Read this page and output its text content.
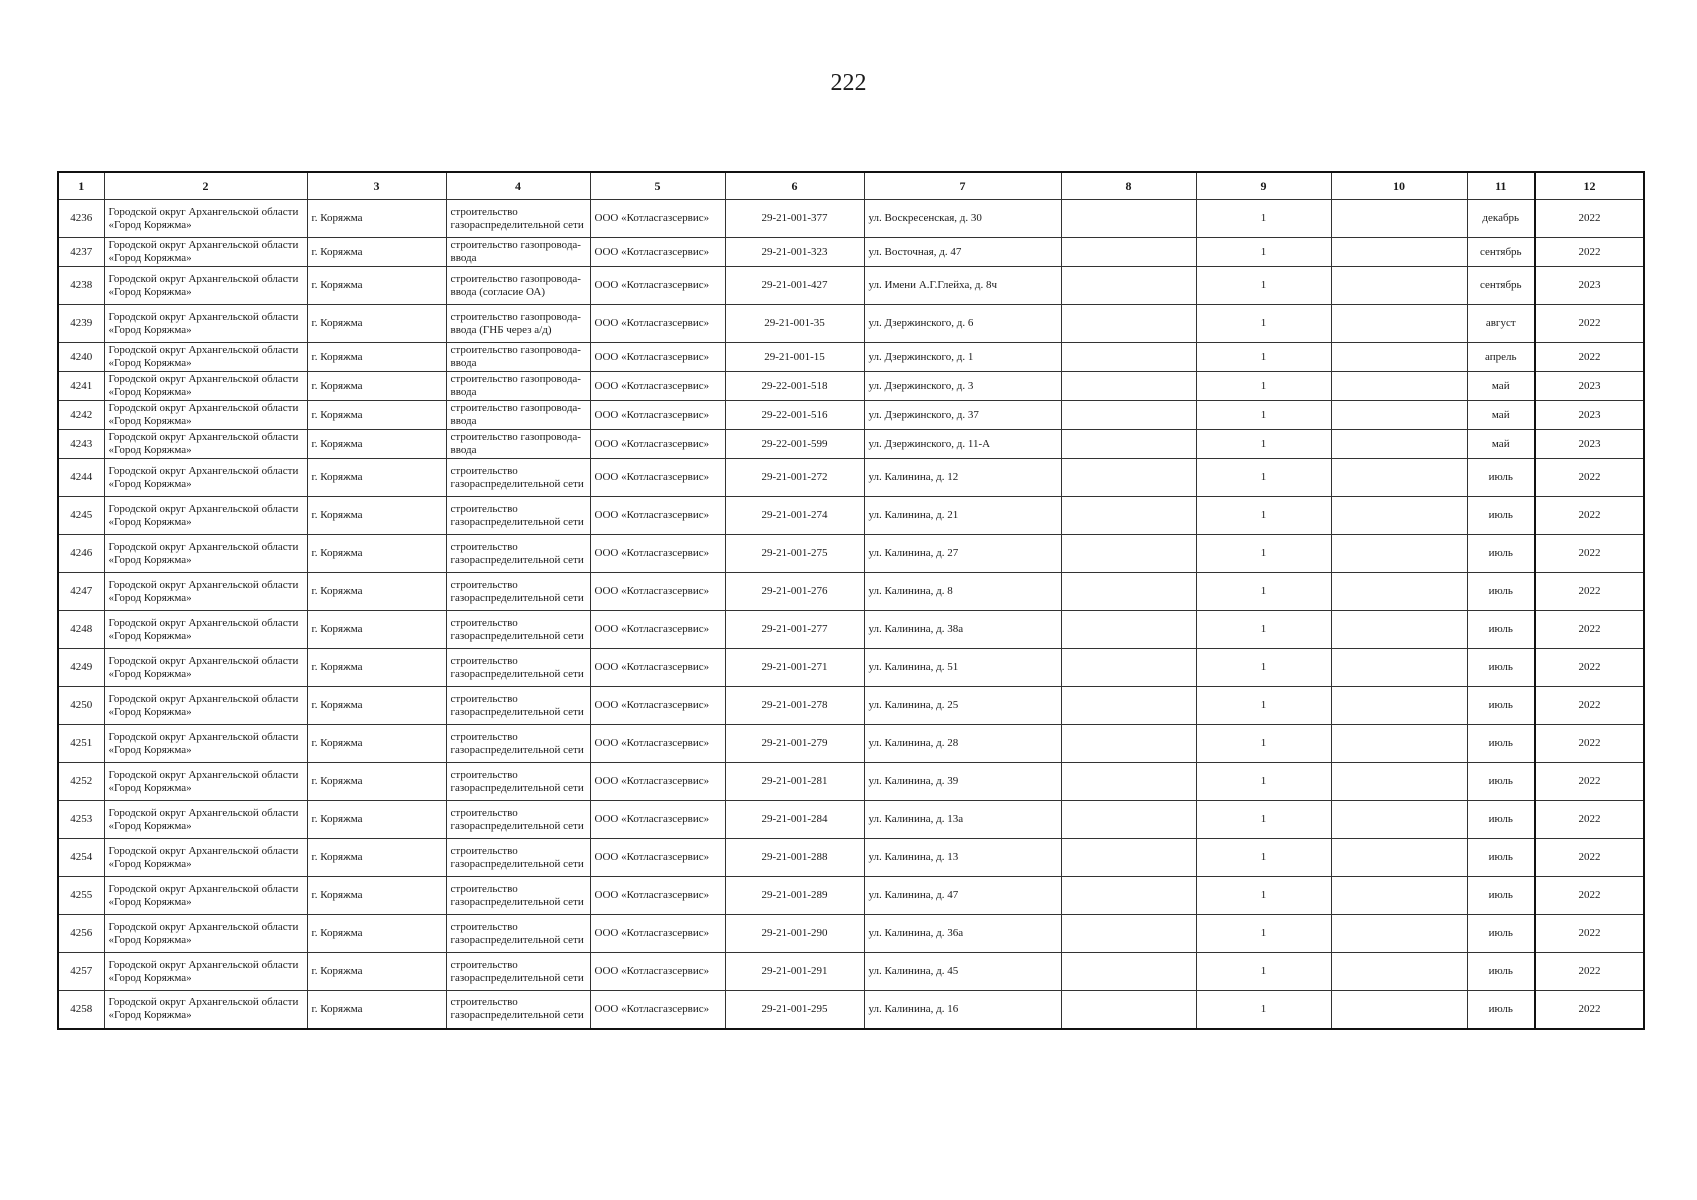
222
1	2	3	4	5	6	7	8	9	10	11	12
4236	Городской округ Архангельской области «Город Коряжма»	г. Коряжма	строительство газораспределительной сети	ООО «Котласгазсервис»	29-21-001-377	ул. Воскресенская, д. 30		1		декабрь	2022
4237	Городской округ Архангельской области «Город Коряжма»	г. Коряжма	строительство газопровода-ввода	ООО «Котласгазсервис»	29-21-001-323	ул. Восточная, д. 47		1		сентябрь	2022
4238	Городской округ Архангельской области «Город Коряжма»	г. Коряжма	строительство газопровода-ввода (согласие ОА)	ООО «Котласгазсервис»	29-21-001-427	ул. Имени А.Г.Глейха, д. 8ч		1		сентябрь	2023
4239	Городской округ Архангельской области «Город Коряжма»	г. Коряжма	строительство газопровода-ввода (ГНБ через а/д)	ООО «Котласгазсервис»	29-21-001-35	ул. Дзержинского, д. 6		1		август	2022
4240	Городской округ Архангельской области «Город Коряжма»	г. Коряжма	строительство газопровода-ввода	ООО «Котласгазсервис»	29-21-001-15	ул. Дзержинского, д. 1		1		апрель	2022
4241	Городской округ Архангельской области «Город Коряжма»	г. Коряжма	строительство газопровода-ввода	ООО «Котласгазсервис»	29-22-001-518	ул. Дзержинского, д. 3		1		май	2023
4242	Городской округ Архангельской области «Город Коряжма»	г. Коряжма	строительство газопровода-ввода	ООО «Котласгазсервис»	29-22-001-516	ул. Дзержинского, д. 37		1		май	2023
4243	Городской округ Архангельской области «Город Коряжма»	г. Коряжма	строительство газопровода-ввода	ООО «Котласгазсервис»	29-22-001-599	ул. Дзержинского, д. 11-А		1		май	2023
4244	Городской округ Архангельской области «Город Коряжма»	г. Коряжма	строительство газораспределительной сети	ООО «Котласгазсервис»	29-21-001-272	ул. Калинина, д. 12		1		июль	2022
4245	Городской округ Архангельской области «Город Коряжма»	г. Коряжма	строительство газораспределительной сети	ООО «Котласгазсервис»	29-21-001-274	ул. Калинина, д. 21		1		июль	2022
4246	Городской округ Архангельской области «Город Коряжма»	г. Коряжма	строительство газораспределительной сети	ООО «Котласгазсервис»	29-21-001-275	ул. Калинина, д. 27		1		июль	2022
4247	Городской округ Архангельской области «Город Коряжма»	г. Коряжма	строительство газораспределительной сети	ООО «Котласгазсервис»	29-21-001-276	ул. Калинина, д. 8		1		июль	2022
4248	Городской округ Архангельской области «Город Коряжма»	г. Коряжма	строительство газораспределительной сети	ООО «Котласгазсервис»	29-21-001-277	ул. Калинина, д. 38а		1		июль	2022
4249	Городской округ Архангельской области «Город Коряжма»	г. Коряжма	строительство газораспределительной сети	ООО «Котласгазсервис»	29-21-001-271	ул. Калинина, д. 51		1		июль	2022
4250	Городской округ Архангельской области «Город Коряжма»	г. Коряжма	строительство газораспределительной сети	ООО «Котласгазсервис»	29-21-001-278	ул. Калинина, д. 25		1		июль	2022
4251	Городской округ Архангельской области «Город Коряжма»	г. Коряжма	строительство газораспределительной сети	ООО «Котласгазсервис»	29-21-001-279	ул. Калинина, д. 28		1		июль	2022
4252	Городской округ Архангельской области «Город Коряжма»	г. Коряжма	строительство газораспределительной сети	ООО «Котласгазсервис»	29-21-001-281	ул. Калинина, д. 39		1		июль	2022
4253	Городской округ Архангельской области «Город Коряжма»	г. Коряжма	строительство газораспределительной сети	ООО «Котласгазсервис»	29-21-001-284	ул. Калинина, д. 13а		1		июль	2022
4254	Городской округ Архангельской области «Город Коряжма»	г. Коряжма	строительство газораспределительной сети	ООО «Котласгазсервис»	29-21-001-288	ул. Калинина, д. 13		1		июль	2022
4255	Городской округ Архангельской области «Город Коряжма»	г. Коряжма	строительство газораспределительной сети	ООО «Котласгазсервис»	29-21-001-289	ул. Калинина, д. 47		1		июль	2022
4256	Городской округ Архангельской области «Город Коряжма»	г. Коряжма	строительство газораспределительной сети	ООО «Котласгазсервис»	29-21-001-290	ул. Калинина, д. 36а		1		июль	2022
4257	Городской округ Архангельской области «Город Коряжма»	г. Коряжма	строительство газораспределительной сети	ООО «Котласгазсервис»	29-21-001-291	ул. Калинина, д. 45		1		июль	2022
4258	Городской округ Архангельской области «Город Коряжма»	г. Коряжма	строительство газораспределительной сети	ООО «Котласгазсервис»	29-21-001-295	ул. Калинина, д. 16		1		июль	2022
